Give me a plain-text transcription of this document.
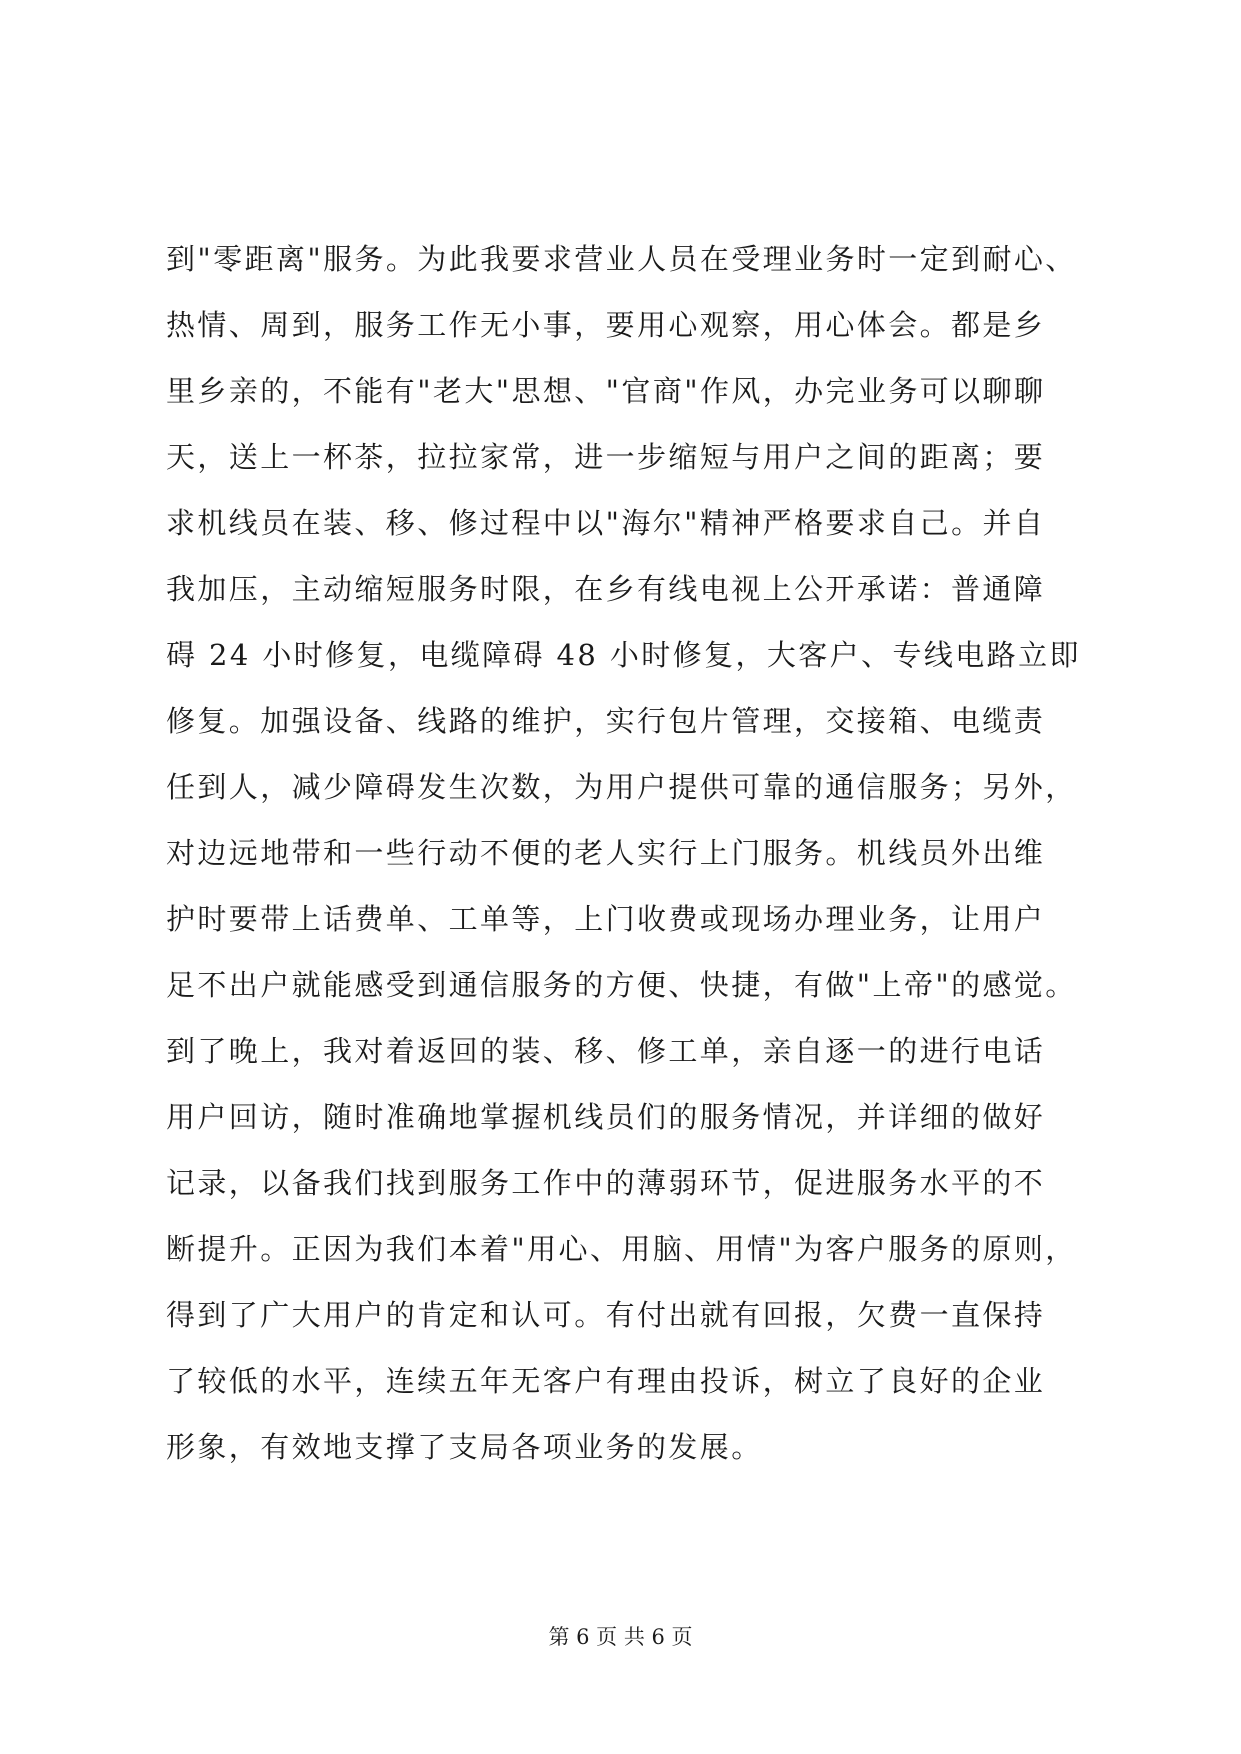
到"零距离"服务。为此我要求营业人员在受理业务时一定到耐心、
热情、周到，服务工作无小事，要用心观察，用心体会。都是乡
里乡亲的，不能有"老大"思想、"官商"作风，办完业务可以聊聊
天，送上一杯茶，拉拉家常，进一步缩短与用户之间的距离；要
求机线员在装、移、修过程中以"海尔"精神严格要求自己。并自
我加压，主动缩短服务时限，在乡有线电视上公开承诺：普通障
碍 24 小时修复，电缆障碍 48 小时修复，大客户、专线电路立即
修复。加强设备、线路的维护，实行包片管理，交接箱、电缆责
任到人，减少障碍发生次数，为用户提供可靠的通信服务；另外，
对边远地带和一些行动不便的老人实行上门服务。机线员外出维
护时要带上话费单、工单等，上门收费或现场办理业务，让用户
足不出户就能感受到通信服务的方便、快捷，有做"上帝"的感觉。
到了晚上，我对着返回的装、移、修工单，亲自逐一的进行电话
用户回访，随时准确地掌握机线员们的服务情况，并详细的做好
记录，以备我们找到服务工作中的薄弱环节，促进服务水平的不
断提升。正因为我们本着"用心、用脑、用情"为客户服务的原则，
得到了广大用户的肯定和认可。有付出就有回报，欠费一直保持
了较低的水平，连续五年无客户有理由投诉，树立了良好的企业
形象，有效地支撑了支局各项业务的发展。
第 6 页 共 6 页
